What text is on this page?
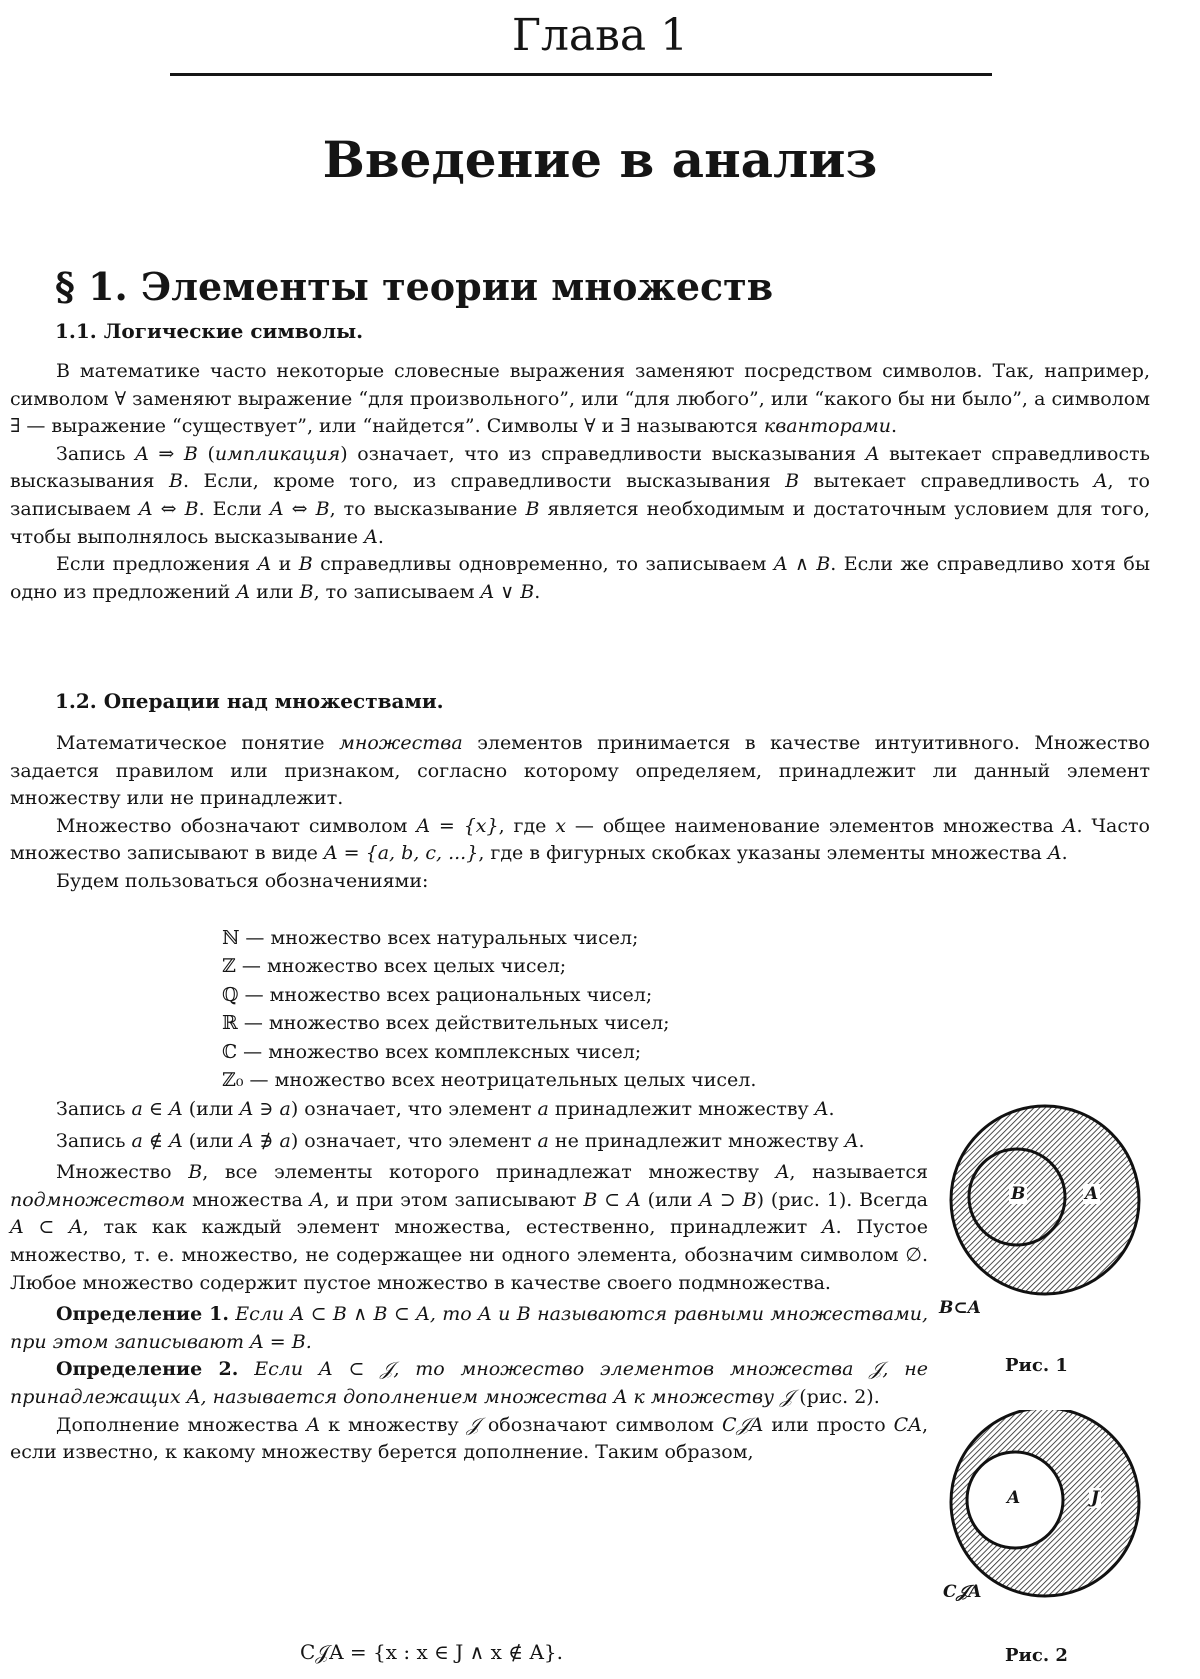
Глава 1
Введение в анализ
§ 1. Элементы теории множеств
1.1. Логические символы.

В математике часто некоторые словесные выражения заменяют посредством символов. Так, например, символом ∀ заменяют выражение “для произвольного”, или “для любого”, или “какого бы ни было”, а символом ∃ — выражение “существует”, или “найдется”. Символы ∀ и ∃ называются кванторами.

Запись A ⇒ B (импликация) означает, что из справедливости высказывания A вытекает справедливость высказывания B. Если, кроме того, из справедливости высказывания B вытекает справедливость A, то записываем A ⇔ B. Если A ⇔ B, то высказывание B является необходимым и достаточным условием для того, чтобы выполнялось высказывание A.

Если предложения A и B справедливы одновременно, то записываем A ∧ B. Если же справедливо хотя бы одно из предложений A или B, то записываем A ∨ B.

1.2. Операции над множествами.

Математическое понятие множества элементов принимается в качестве интуитивного. Множество задается правилом или признаком, согласно которому определяем, принадлежит ли данный элемент множеству или не принадлежит.

Множество обозначают символом A = {x}, где x — общее наименование элементов множества A. Часто множество записывают в виде A = {a, b, c, ...}, где в фигурных скобках указаны элементы множества A.

Будем пользоваться обозначениями:

ℕ — множество всех натуральных чисел;
ℤ — множество всех целых чисел;
ℚ — множество всех рациональных чисел;
ℝ — множество всех действительных чисел;
ℂ — множество всех комплексных чисел;
ℤ₀ — множество всех неотрицательных целых чисел.

Запись a ∈ A (или A ∋ a) означает, что элемент a принадлежит множеству A.

Запись a ∉ A (или A ∌ a) означает, что элемент a не принадлежит множеству A.

Множество B, все элементы которого принадлежат множеству A, называется подмножеством множества A, и при этом записывают B ⊂ A (или A ⊃ B) (рис. 1). Всегда A ⊂ A, так как каждый элемент множества, естественно, принадлежит A. Пустое множество, т. е. множество, не содержащее ни одного элемента, обозначим символом ∅. Любое множество содержит пустое множество в качестве своего подмножества.

Определение 1. Если A ⊂ B ∧ B ⊂ A, то A и B называются равными множествами, при этом записывают A = B.

Определение 2. Если A ⊂ 𝒥, то множество элементов множества 𝒥, не принадлежащих A, называется дополнением множества A к множеству 𝒥 (рис. 2).

Дополнение множества A к множеству 𝒥 обозначают символом C𝒥A или просто CA, если известно, к какому множеству берется дополнение. Таким образом,

C𝒥A = {x : x ∈ J ∧ x ∉ A}.
B	A
B⊂A
Рис. 1
A	J
C𝒥A
Рис. 2
